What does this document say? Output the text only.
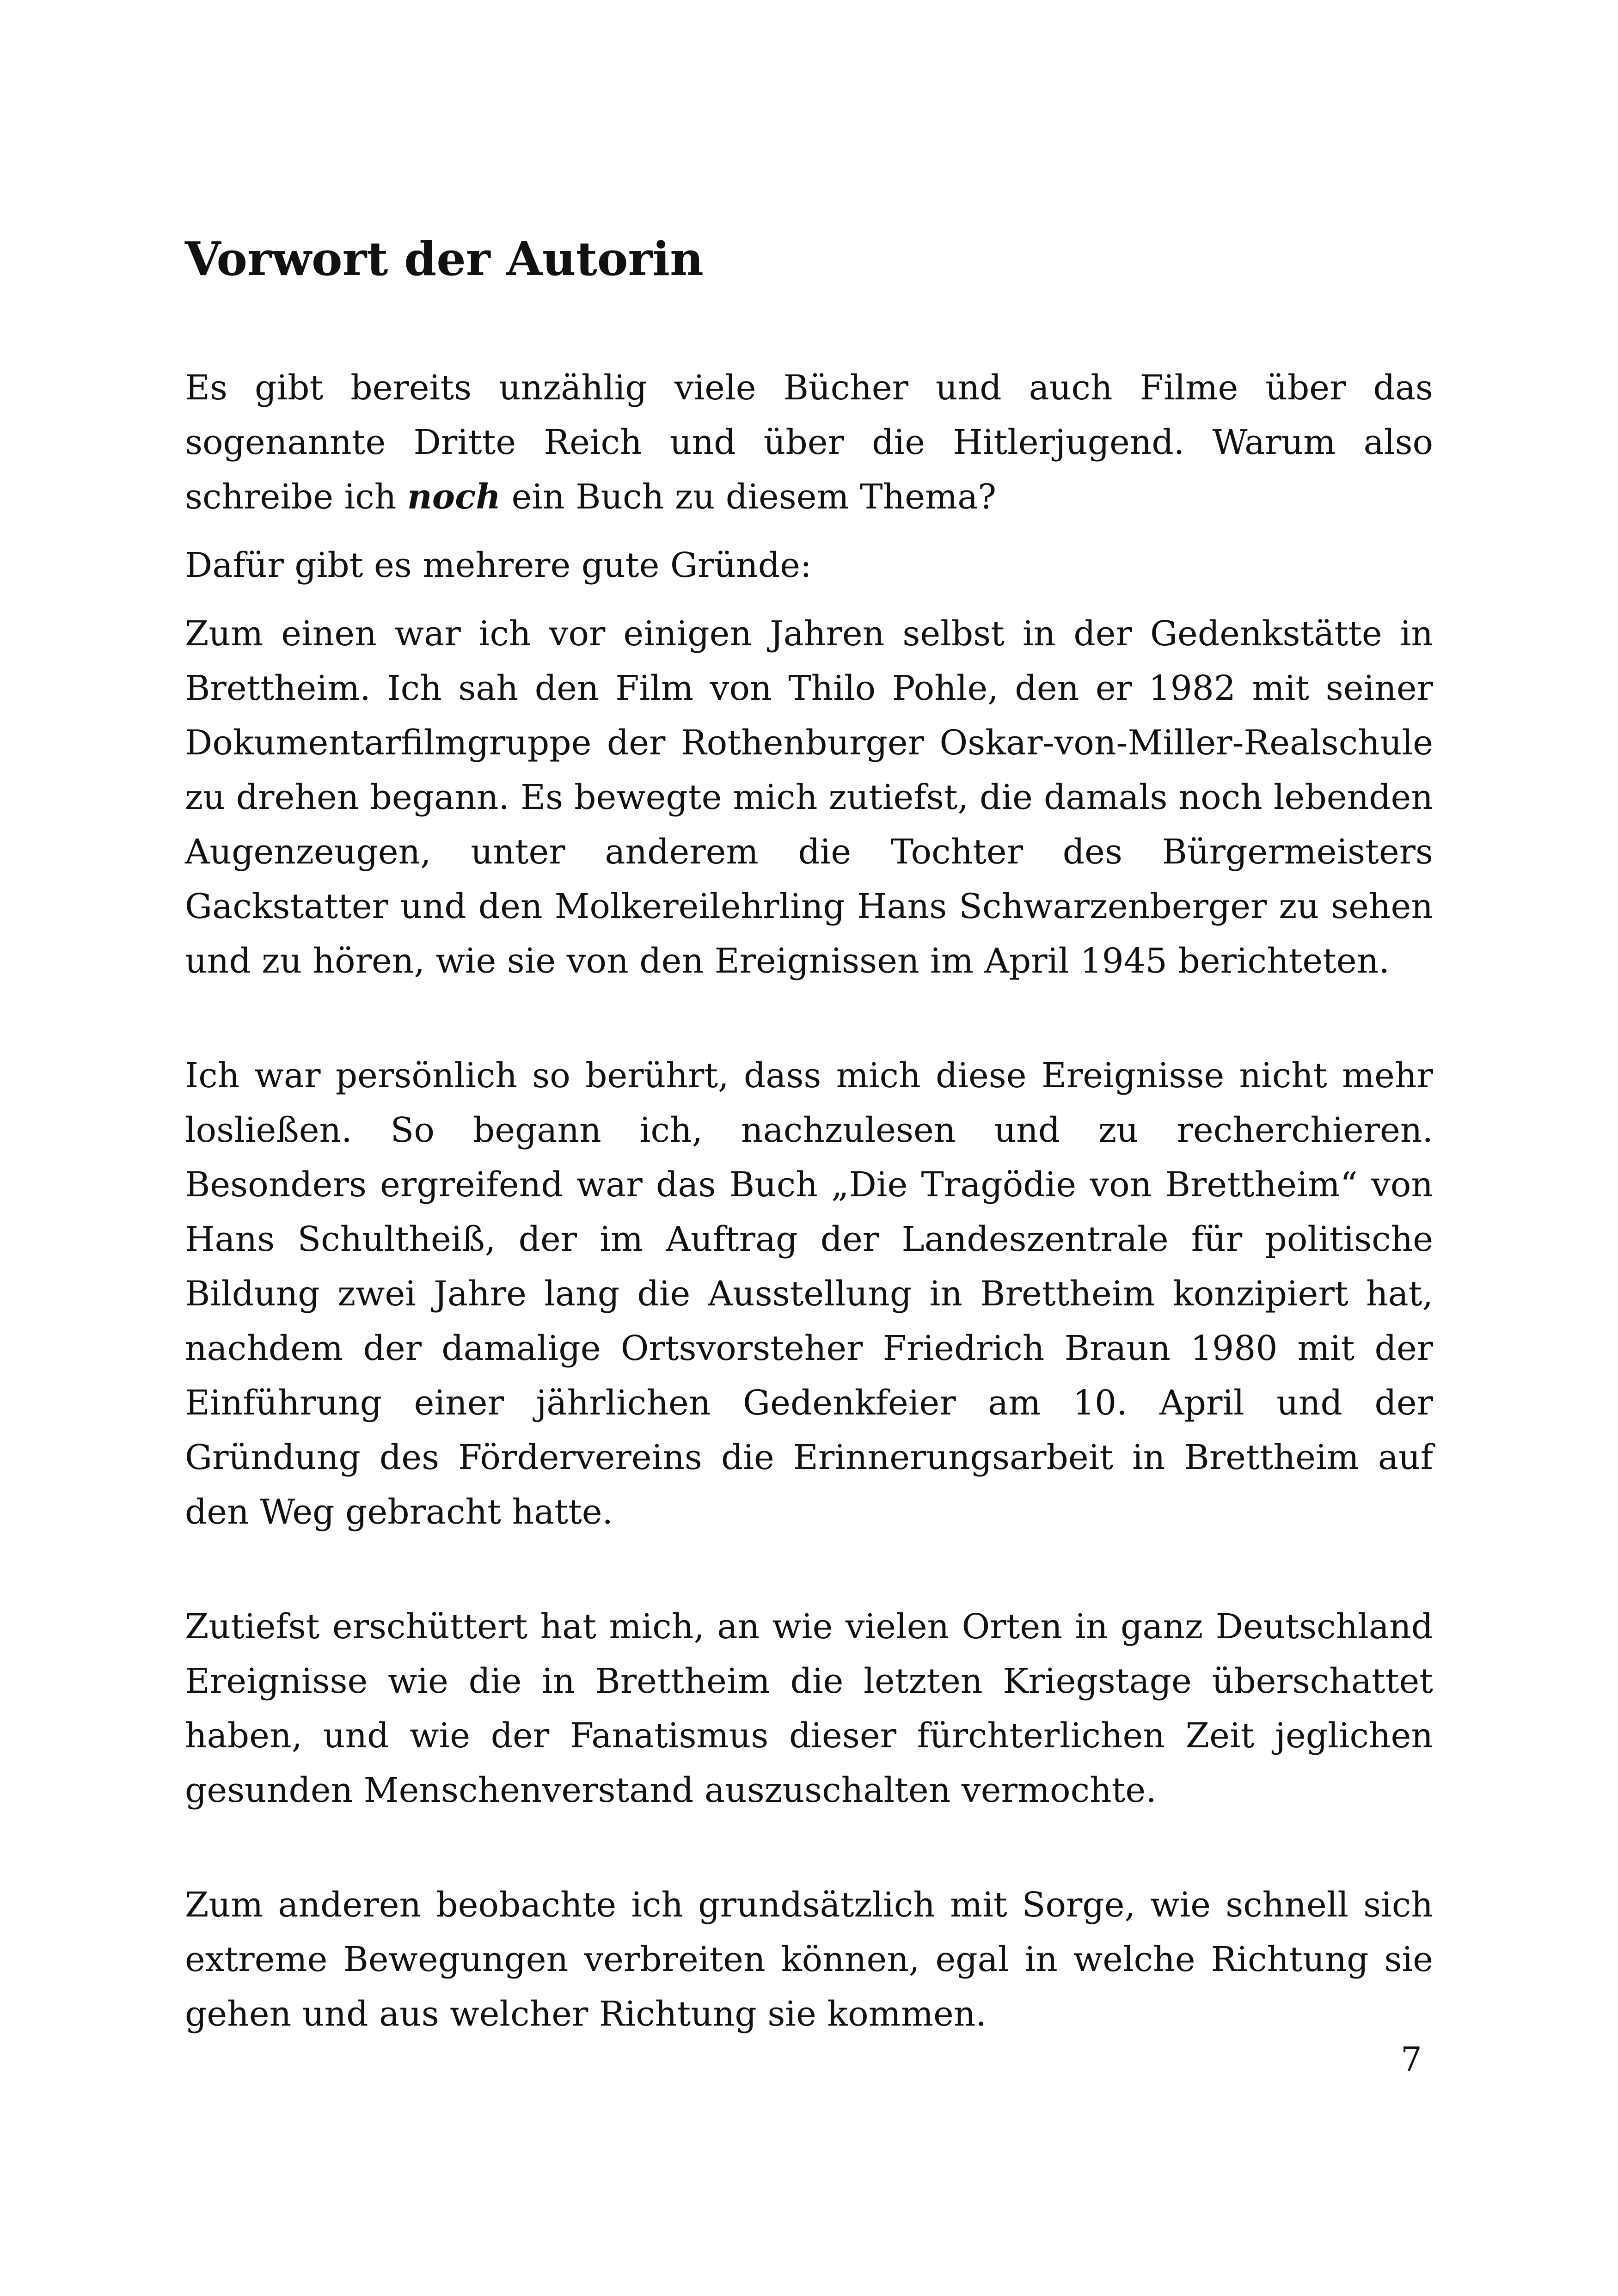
Vorwort der Autorin

Es gibt bereits unzählig viele Bücher und auch Filme über das sogenannte Dritte Reich und über die Hitlerjugend. Warum also schreibe ich noch ein Buch zu diesem Thema?

Dafür gibt es mehrere gute Gründe:

Zum einen war ich vor einigen Jahren selbst in der Gedenkstätte in Brettheim. Ich sah den Film von Thilo Pohle, den er 1982 mit seiner Dokumentarfilmgruppe der Rothenburger Oskar-von-Miller-Realschule zu drehen begann. Es bewegte mich zutiefst, die damals noch lebenden Augenzeugen, unter anderem die Tochter des Bürgermeisters Gackstatter und den Molkereilehrling Hans Schwarzenberger zu sehen und zu hören, wie sie von den Ereignissen im April 1945 berichteten.

Ich war persönlich so berührt, dass mich diese Ereignisse nicht mehr losließen. So begann ich, nachzulesen und zu recherchieren. Besonders ergreifend war das Buch „Die Tragödie von Brettheim“ von Hans Schultheiß, der im Auftrag der Landeszentrale für politische Bildung zwei Jahre lang die Ausstellung in Brettheim konzipiert hat, nachdem der damalige Ortsvorsteher Friedrich Braun 1980 mit der Einführung einer jährlichen Gedenkfeier am 10. April und der Gründung des Fördervereins die Erinnerungsarbeit in Brettheim auf den Weg gebracht hatte.

Zutiefst erschüttert hat mich, an wie vielen Orten in ganz Deutschland Ereignisse wie die in Brettheim die letzten Kriegstage überschattet haben, und wie der Fanatismus dieser fürchterlichen Zeit jeglichen gesunden Menschenverstand auszuschalten vermochte.

Zum anderen beobachte ich grundsätzlich mit Sorge, wie schnell sich extreme Bewegungen verbreiten können, egal in welche Richtung sie gehen und aus welcher Richtung sie kommen.

7
